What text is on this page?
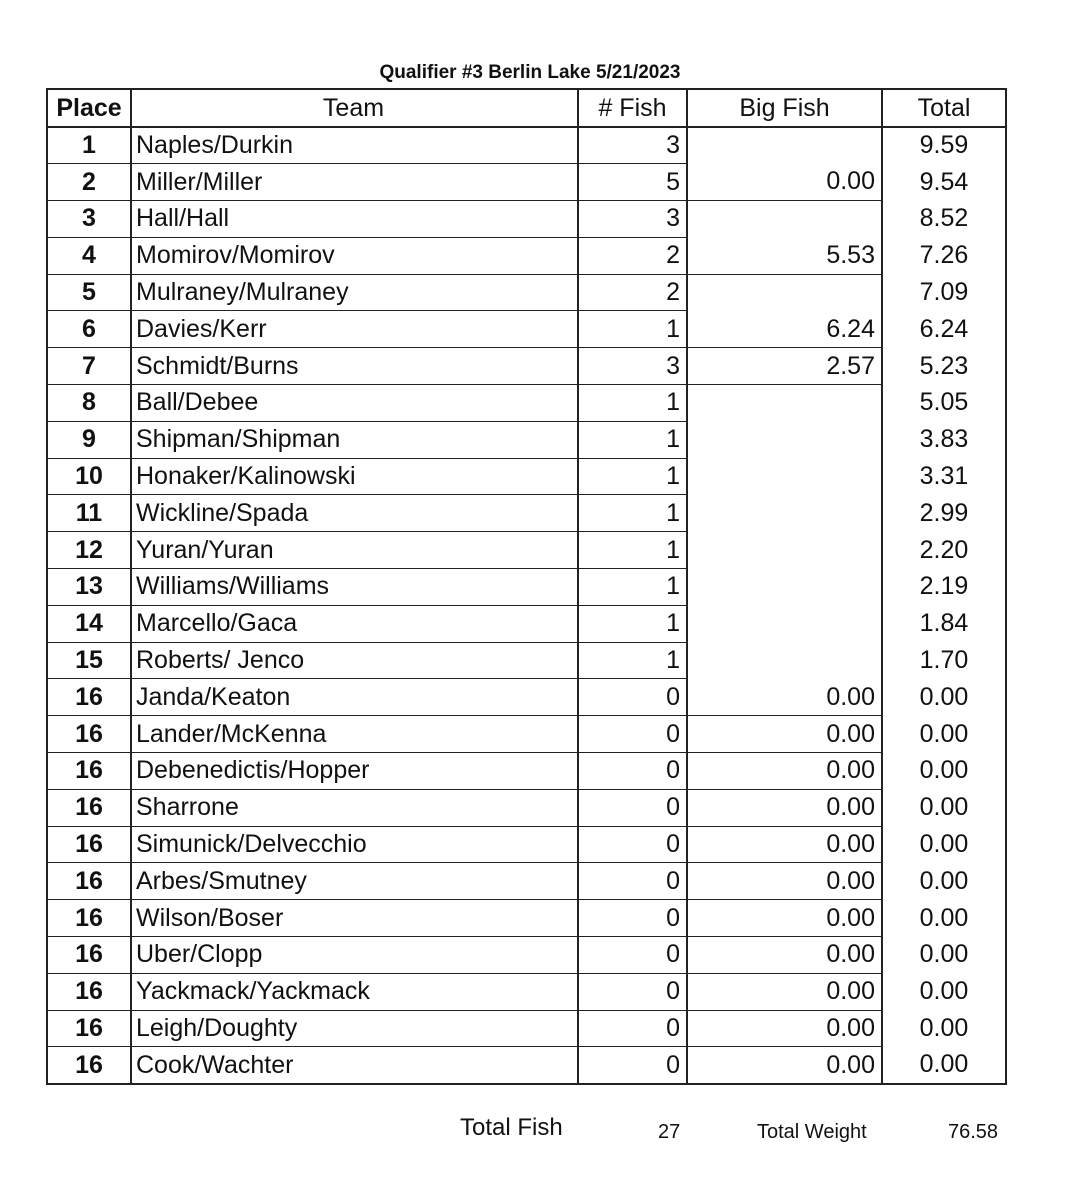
Qualifier #3 Berlin Lake 5/21/2023
Place	Team	# Fish	Big Fish	Total
1	Naples/Durkin	3		9.59
2	Miller/Miller	5	0.00	9.54
3	Hall/Hall	3		8.52
4	Momirov/Momirov	2	5.53	7.26
5	Mulraney/Mulraney	2		7.09
6	Davies/Kerr	1	6.24	6.24
7	Schmidt/Burns	3	2.57	5.23
8	Ball/Debee	1		5.05
9	Shipman/Shipman	1		3.83
10	Honaker/Kalinowski	1		3.31
11	Wickline/Spada	1		2.99
12	Yuran/Yuran	1		2.20
13	Williams/Williams	1		2.19
14	Marcello/Gaca	1		1.84
15	Roberts/ Jenco	1		1.70
16	Janda/Keaton	0	0.00	0.00
16	Lander/McKenna	0	0.00	0.00
16	Debenedictis/Hopper	0	0.00	0.00
16	Sharrone	0	0.00	0.00
16	Simunick/Delvecchio	0	0.00	0.00
16	Arbes/Smutney	0	0.00	0.00
16	Wilson/Boser	0	0.00	0.00
16	Uber/Clopp	0	0.00	0.00
16	Yackmack/Yackmack	0	0.00	0.00
16	Leigh/Doughty	0	0.00	0.00
16	Cook/Wachter	0	0.00	0.00
Total Fish	27	Total Weight	76.58
